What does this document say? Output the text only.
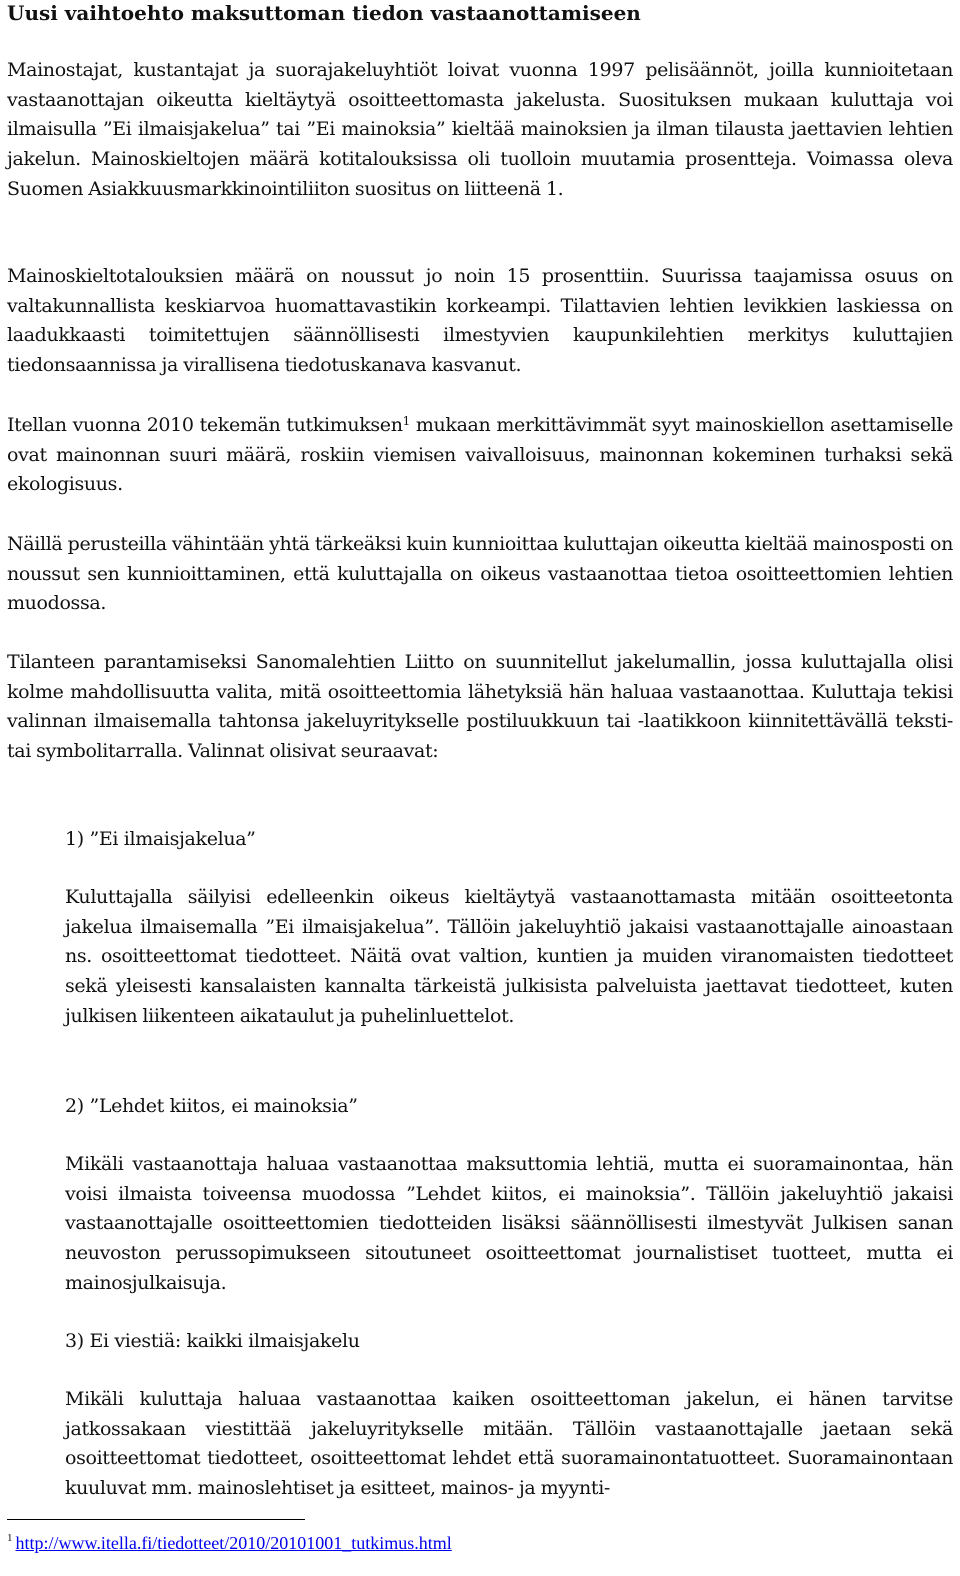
Uusi vaihtoehto maksuttoman tiedon vastaanottamiseen

Mainostajat, kustantajat ja suorajakeluyhtiöt loivat vuonna 1997 pelisäännöt, joilla kunnioitetaan vastaanottajan oikeutta kieltäytyä osoitteettomasta jakelusta. Suosituksen mukaan kuluttaja voi ilmaisulla ”Ei ilmaisjakelua” tai ”Ei mainoksia” kieltää mainoksien ja ilman tilausta jaettavien lehtien jakelun. Mainoskieltojen määrä kotitalouksissa oli tuolloin muutamia prosentteja. Voimassa oleva Suomen Asiakkuusmarkkinointiliiton suositus on liitteenä 1.

Mainoskieltotalouksien määrä on noussut jo noin 15 prosenttiin. Suurissa taajamissa osuus on valtakunnallista keskiarvoa huomattavastikin korkeampi. Tilattavien lehtien levikkien laskiessa on laadukkaasti toimitettujen säännöllisesti ilmestyvien kaupunkilehtien merkitys kuluttajien tiedonsaannissa ja virallisena tiedotuskanava kasvanut.

Itellan vuonna 2010 tekemän tutkimuksen$^1$ mukaan merkittävimmät syyt mainoskiellon asettamiselle ovat mainonnan suuri määrä, roskiin viemisen vaivalloisuus, mainonnan kokeminen turhaksi sekä ekologisuus.

Näillä perusteilla vähintään yhtä tärkeäksi kuin kunnioittaa kuluttajan oikeutta kieltää mainosposti on noussut sen kunnioittaminen, että kuluttajalla on oikeus vastaanottaa tietoa osoitteettomien lehtien muodossa.

Tilanteen parantamiseksi Sanomalehtien Liitto on suunnitellut jakelumallin, jossa kuluttajalla olisi kolme mahdollisuutta valita, mitä osoitteettomia lähetyksiä hän haluaa vastaanottaa. Kuluttaja tekisi valinnan ilmaisemalla tahtonsa jakeluyritykselle postiluukkuun tai -laatikkoon kiinnitettävällä teksti- tai symbolitarralla. Valinnat olisivat seuraavat:

1) ”Ei ilmaisjakelua”

Kuluttajalla säilyisi edelleenkin oikeus kieltäytyä vastaanottamasta mitään osoitteetonta jakelua ilmaisemalla ”Ei ilmaisjakelua”. Tällöin jakeluyhtiö jakaisi vastaanottajalle ainoastaan ns. osoitteettomat tiedotteet. Näitä ovat valtion, kuntien ja muiden viranomaisten tiedotteet sekä yleisesti kansalaisten kannalta tärkeistä julkisista palveluista jaettavat tiedotteet, kuten julkisen liikenteen aikataulut ja puhelinluettelot.

2) ”Lehdet kiitos, ei mainoksia”

Mikäli vastaanottaja haluaa vastaanottaa maksuttomia lehtiä, mutta ei suoramainontaa, hän voisi ilmaista toiveensa muodossa ”Lehdet kiitos, ei mainoksia”. Tällöin jakeluyhtiö jakaisi vastaanottajalle osoitteettomien tiedotteiden lisäksi säännöllisesti ilmestyvät Julkisen sanan neuvoston perussopimukseen sitoutuneet osoitteettomat journalistiset tuotteet, mutta ei mainosjulkaisuja.

3) Ei viestiä: kaikki ilmaisjakelu

Mikäli kuluttaja haluaa vastaanottaa kaiken osoitteettoman jakelun, ei hänen tarvitse jatkossakaan viestittää jakeluyritykselle mitään. Tällöin vastaanottajalle jaetaan sekä osoitteettomat tiedotteet, osoitteettomat lehdet että suoramainontatuotteet. Suoramainontaan kuuluvat mm. mainoslehtiset ja esitteet, mainos- ja myynti-

$^1$ http://www.itella.fi/tiedotteet/2010/20101001_tutkimus.html
